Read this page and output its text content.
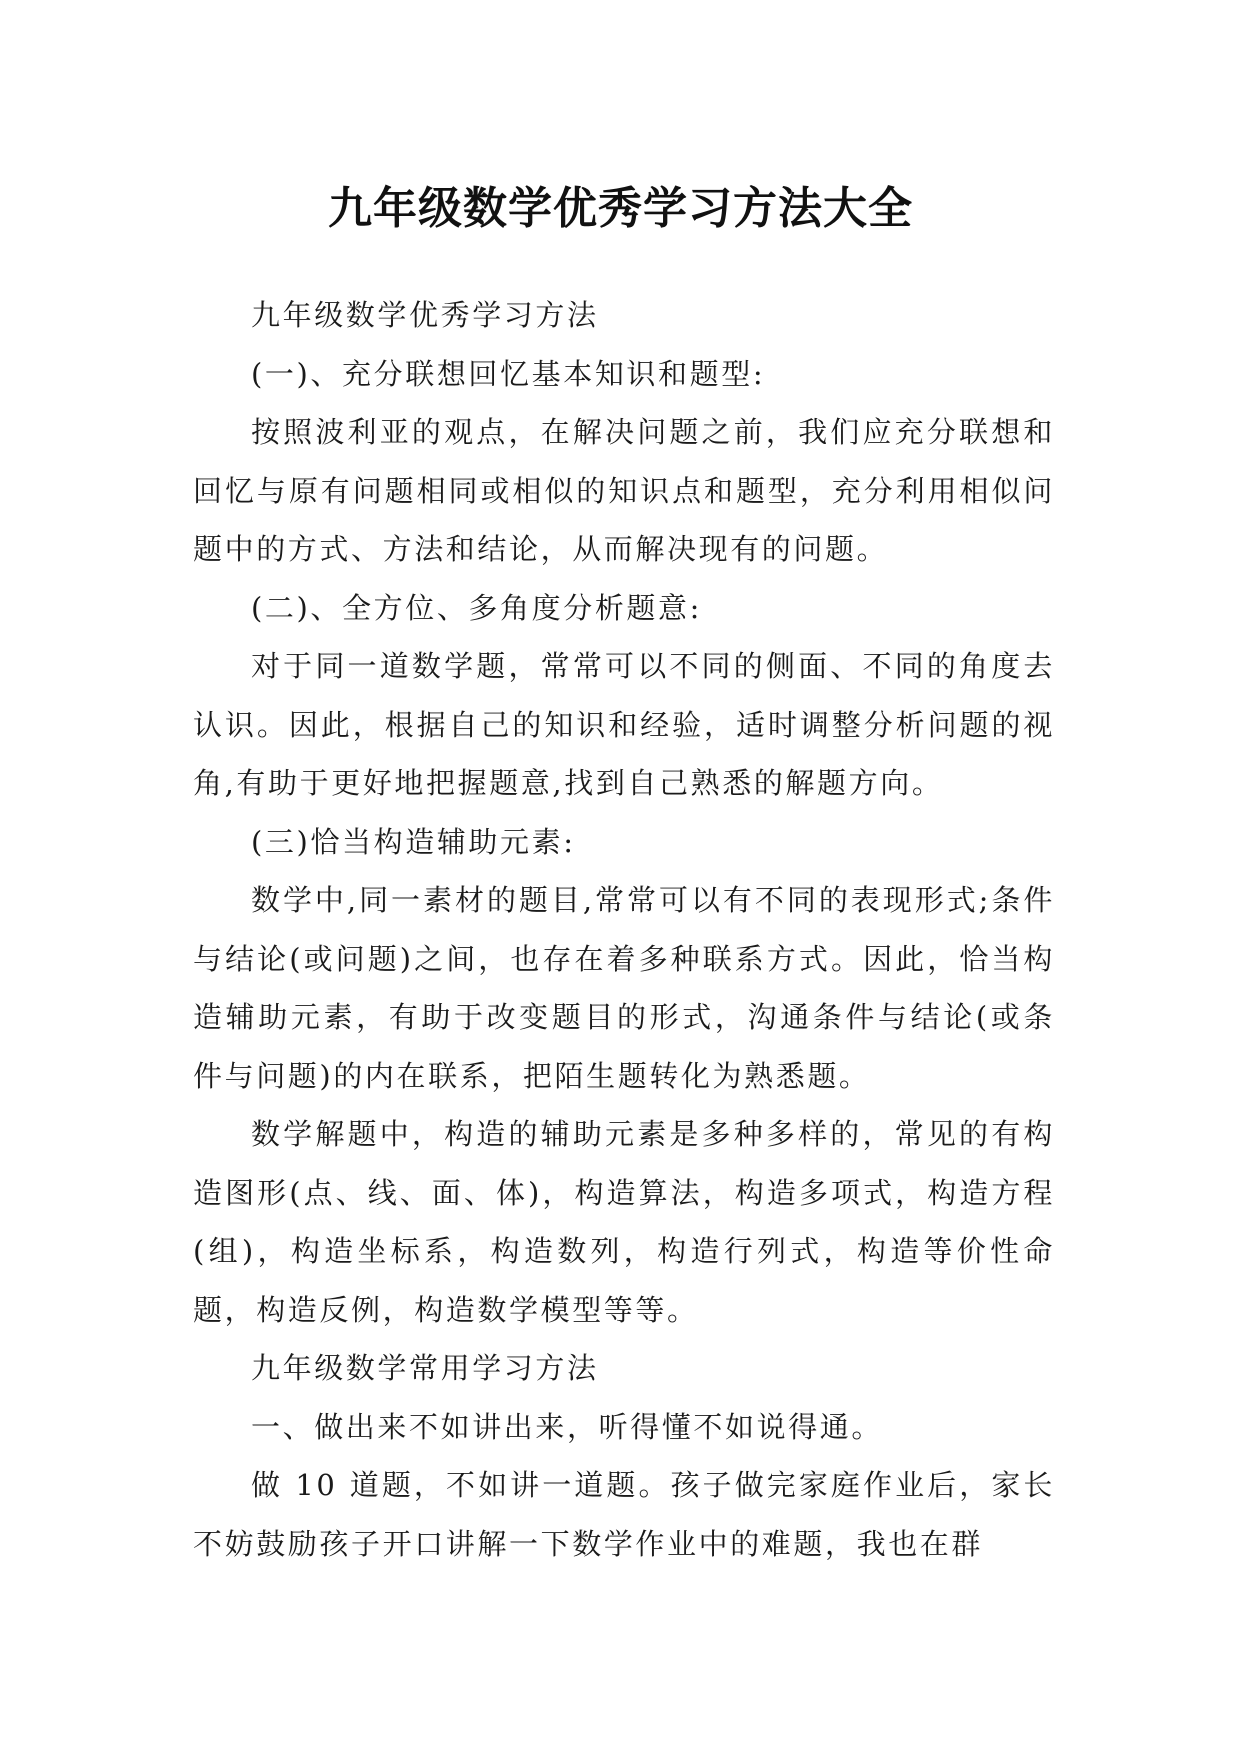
九年级数学优秀学习方法大全

九年级数学优秀学习方法

(一)、充分联想回忆基本知识和题型:

按照波利亚的观点，在解决问题之前，我们应充分联想和回忆与原有问题相同或相似的知识点和题型，充分利用相似问题中的方式、方法和结论，从而解决现有的问题。

(二)、全方位、多角度分析题意:

对于同一道数学题，常常可以不同的侧面、不同的角度去认识。因此，根据自己的知识和经验，适时调整分析问题的视角,有助于更好地把握题意,找到自己熟悉的解题方向。

(三)恰当构造辅助元素:

数学中,同一素材的题目,常常可以有不同的表现形式;条件与结论(或问题)之间，也存在着多种联系方式。因此，恰当构造辅助元素，有助于改变题目的形式，沟通条件与结论(或条件与问题)的内在联系，把陌生题转化为熟悉题。

数学解题中，构造的辅助元素是多种多样的，常见的有构造图形(点、线、面、体)，构造算法，构造多项式，构造方程(组)，构造坐标系，构造数列，构造行列式，构造等价性命题，构造反例，构造数学模型等等。

九年级数学常用学习方法

一、做出来不如讲出来，听得懂不如说得通。

做 10 道题，不如讲一道题。孩子做完家庭作业后，家长不妨鼓励孩子开口讲解一下数学作业中的难题，我也在群
